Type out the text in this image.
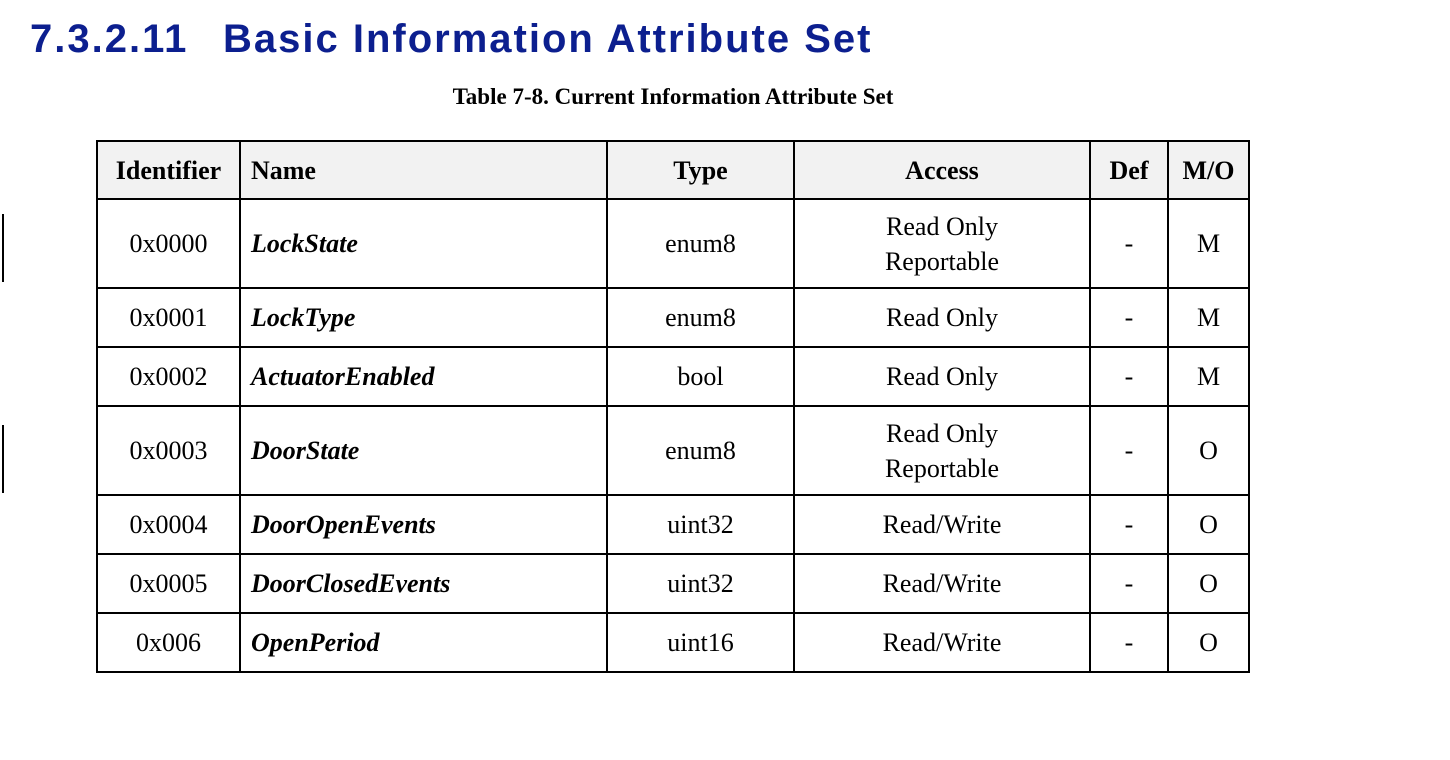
7.3.2.11 Basic Information Attribute Set
Table 7-8. Current Information Attribute Set
Identifier	Name	Type	Access	Def	M/O
0x0000	LockState	enum8	Read Only
Reportable	-	M
0x0001	LockType	enum8	Read Only	-	M
0x0002	ActuatorEnabled	bool	Read Only	-	M
0x0003	DoorState	enum8	Read Only
Reportable	-	O
0x0004	DoorOpenEvents	uint32	Read/Write	-	O
0x0005	DoorClosedEvents	uint32	Read/Write	-	O
0x006	OpenPeriod	uint16	Read/Write	-	O
